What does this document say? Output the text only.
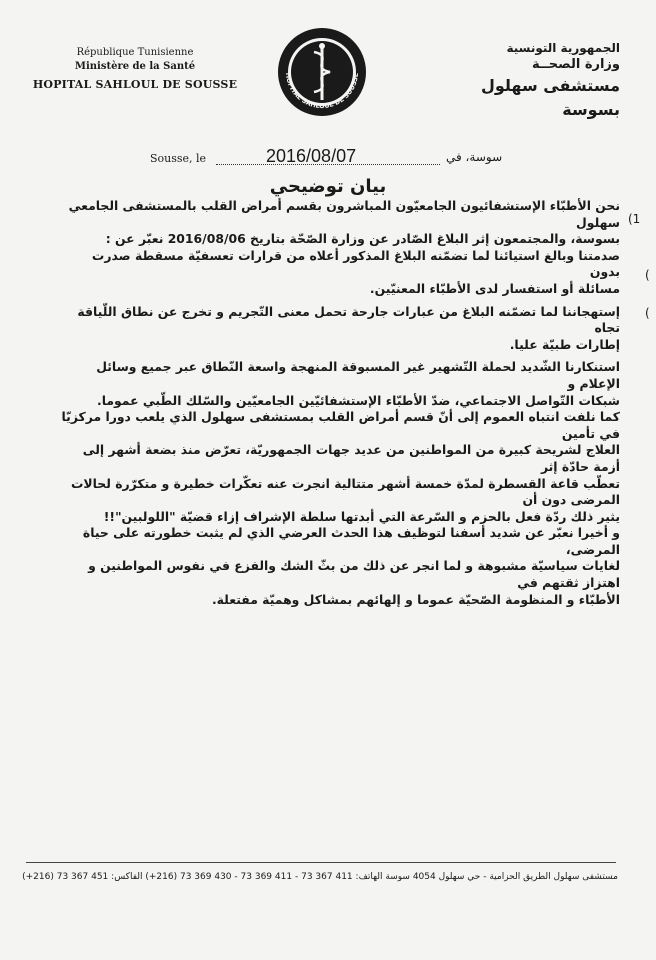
République Tunisienne
Ministère de la Santé
HOPITAL SAHLOUL DE SOUSSE
HOPITAL SAHLOUL DE SOUSSE
الجمهورية التونسية
وزارة الصحــة
مستشفى سهلول بسوسة
Sousse, le	2016/08/07	سوسة، في
بيان توضيحي

نحن الأطبّاء الإستشفائيون الجامعيّون المباشرون بقسم أمراض القلب بالمستشفى الجامعي سهلول

بسوسة، والمجتمعون إثر البلاغ الصّادر عن وزارة الصّحّة بتاريخ 2016/08/06 نعبّر عن :

صدمتنا وبالغ استيائنا لما تضمّنه البلاغ المذكور أعلاه من قرارات تعسفيّة مسقطة صدرت بدون

مسائلة أو استفسار لدى الأطبّاء المعنيّين.

إستهجاننا لما تضمّنه البلاغ من عبارات جارحة تحمل معنى التّجريم و تخرج عن نطاق اللّياقة تجاه

إطارات طبيّة عليا.

استنكارنا الشّديد لحملة التّشهير غير المسبوقة المنهجة واسعة النّطاق عبر جميع وسائل الإعلام و

شبكات التّواصل الاجتماعي، ضدّ الأطبّاء الإستشفائيّين الجامعيّين والسّلك الطّبي عموما.

كما نلفت انتباه العموم إلى أنّ قسم أمراض القلب بمستشفى سهلول الذي يلعب دورا مركزيّا في تأمين

العلاج لشريحة كبيرة من المواطنين من عديد جهات الجمهوريّة، تعرّض منذ بضعة أشهر إلى أزمة حادّة إثر

تعطّب قاعة القسطرة لمدّة خمسة أشهر متتالية انجرت عنه تعكّرات خطيرة و متكرّرة لحالات المرضى دون أن

يثير ذلك ردّة فعل بالحزم و السّرعة التي أبدتها سلطة الإشراف إزاء قضيّة "اللولبين"!!

و أخيرا نعبّر عن شديد أسفنا لتوظيف هذا الحدث العرضي الذي لم يثبت خطورته على حياة المرضى،

لغايات سياسيّة مشبوهة و لما انجر عن ذلك من بثّ الشك والفزع في نفوس المواطنين و اهتزاز ثقتهم في

الأطبّاء و المنظومة الصّحيّة عموما و إلهائهم بمشاكل وهميّة مفتعلة.

(1
(
(
مستشفى سهلول الطريق الحزامية - حي سهلول 4054 سوسة الهاتف: 411 367 73 - 411 369 73 - 430 369 73 (216+) الفاكس: 451 367 73 (216+)
